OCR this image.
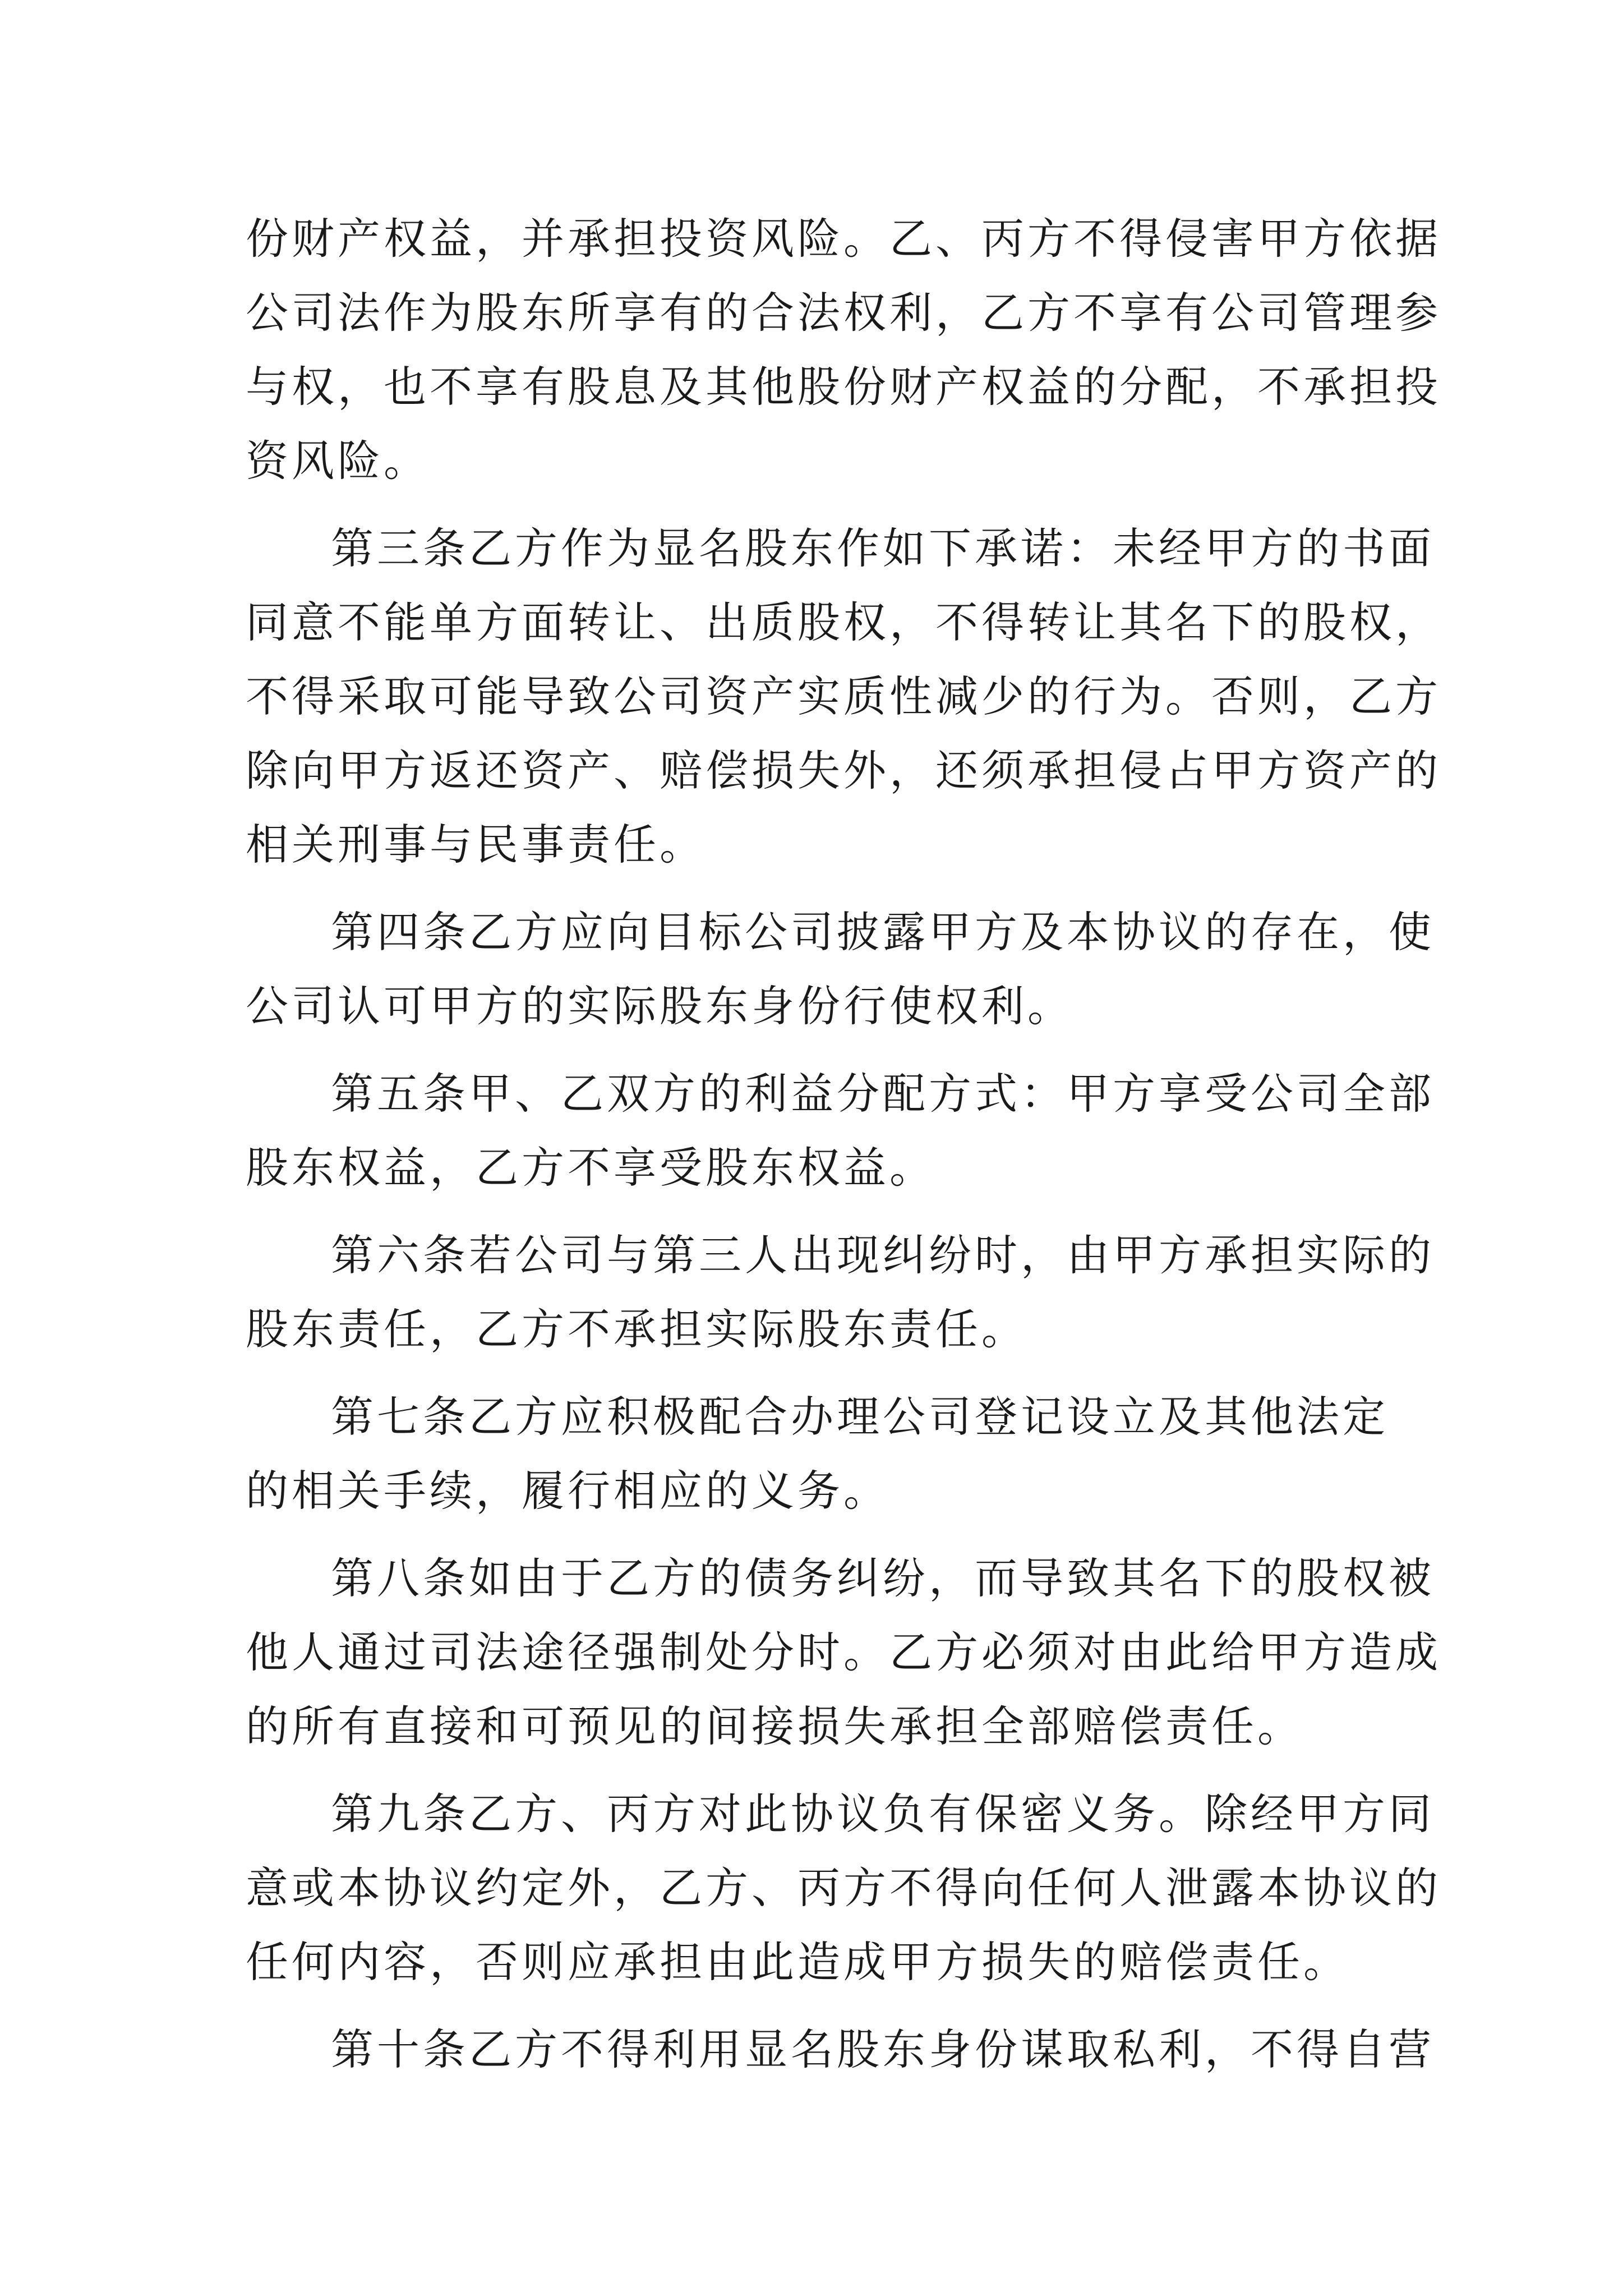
份财产权益，并承担投资风险。乙、丙方不得侵害甲方依据
公司法作为股东所享有的合法权利，乙方不享有公司管理参
与权，也不享有股息及其他股份财产权益的分配，不承担投
资风险。
第三条乙方作为显名股东作如下承诺：未经甲方的书面
同意不能单方面转让、出质股权，不得转让其名下的股权，
不得采取可能导致公司资产实质性减少的行为。否则，乙方
除向甲方返还资产、赔偿损失外，还须承担侵占甲方资产的
相关刑事与民事责任。
第四条乙方应向目标公司披露甲方及本协议的存在，使
公司认可甲方的实际股东身份行使权利。
第五条甲、乙双方的利益分配方式：甲方享受公司全部
股东权益，乙方不享受股东权益。
第六条若公司与第三人出现纠纷时，由甲方承担实际的
股东责任，乙方不承担实际股东责任。
第七条乙方应积极配合办理公司登记设立及其他法定
的相关手续，履行相应的义务。
第八条如由于乙方的债务纠纷，而导致其名下的股权被
他人通过司法途径强制处分时。乙方必须对由此给甲方造成
的所有直接和可预见的间接损失承担全部赔偿责任。
第九条乙方、丙方对此协议负有保密义务。除经甲方同
意或本协议约定外，乙方、丙方不得向任何人泄露本协议的
任何内容，否则应承担由此造成甲方损失的赔偿责任。
第十条乙方不得利用显名股东身份谋取私利，不得自营
